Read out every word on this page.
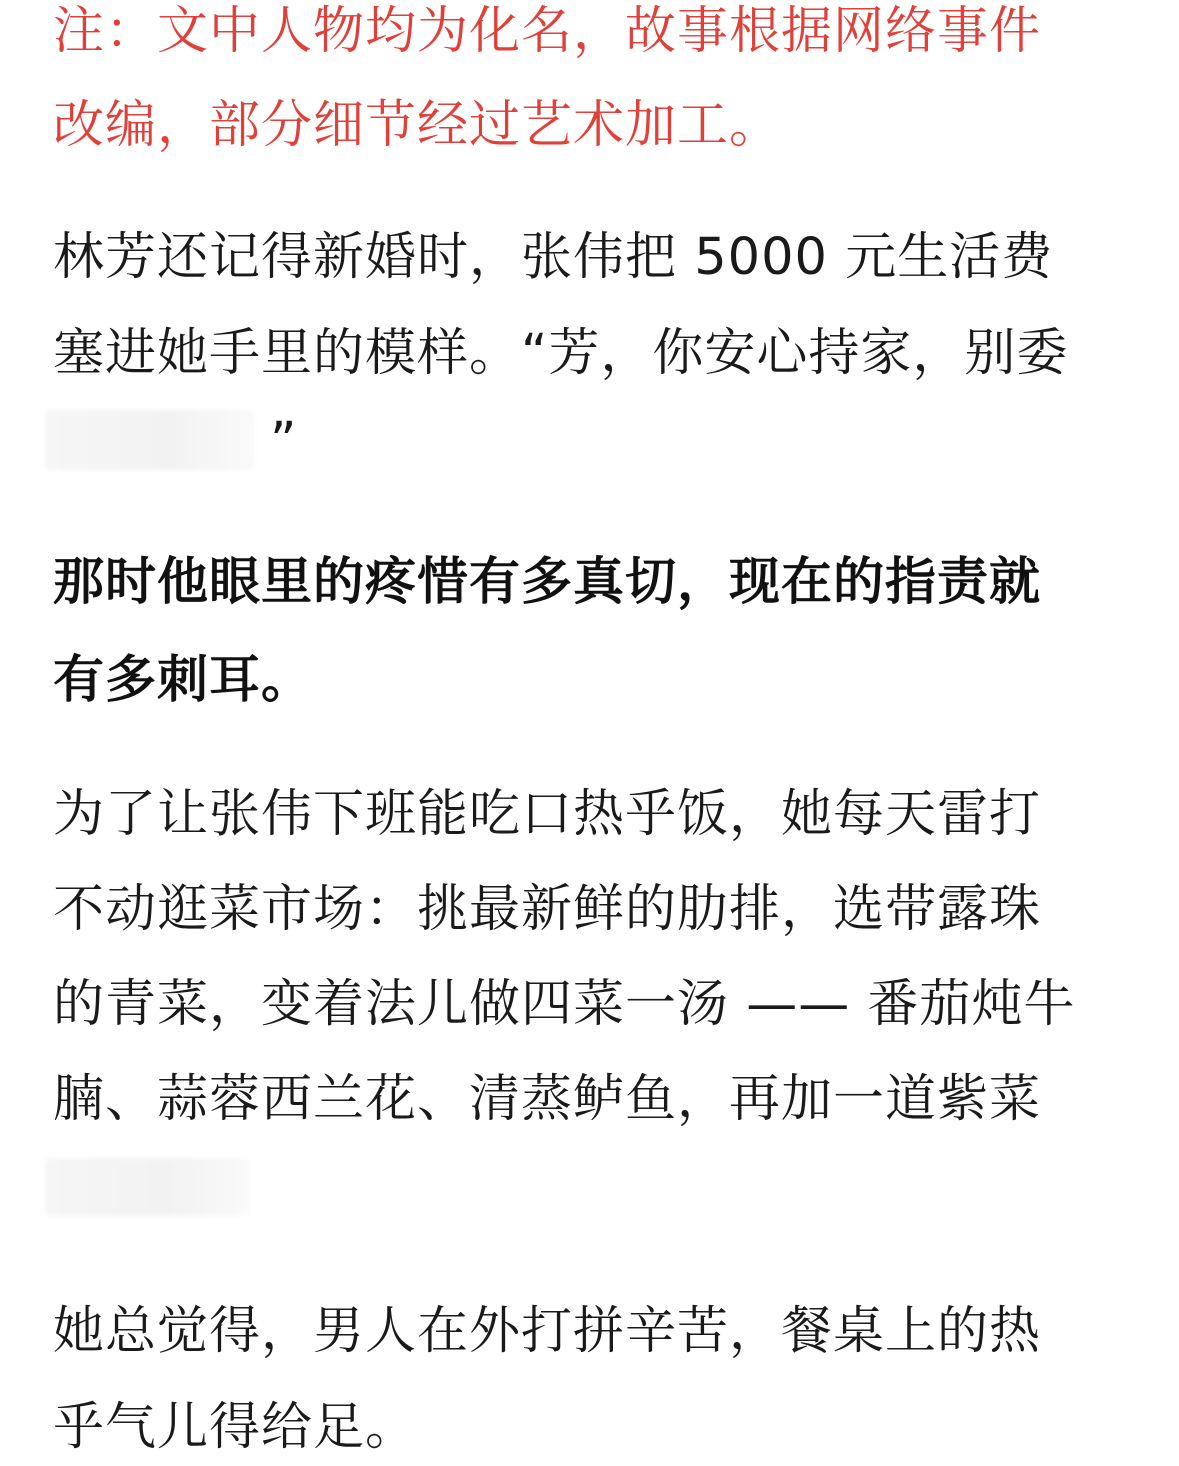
注：文中人物均为化名，故事根据网络事件
改编，部分细节经过艺术加工。
林芳还记得新婚时，张伟把 5000 元生活费
塞进她手里的模样。“芳，你安心持家，别委
”
那时他眼里的疼惜有多真切，现在的指责就
有多刺耳。
为了让张伟下班能吃口热乎饭，她每天雷打
不动逛菜市场：挑最新鲜的肋排，选带露珠
的青菜，变着法儿做四菜一汤 —— 番茄炖牛
腩、蒜蓉西兰花、清蒸鲈鱼，再加一道紫菜
她总觉得，男人在外打拼辛苦，餐桌上的热
乎气儿得给足。
